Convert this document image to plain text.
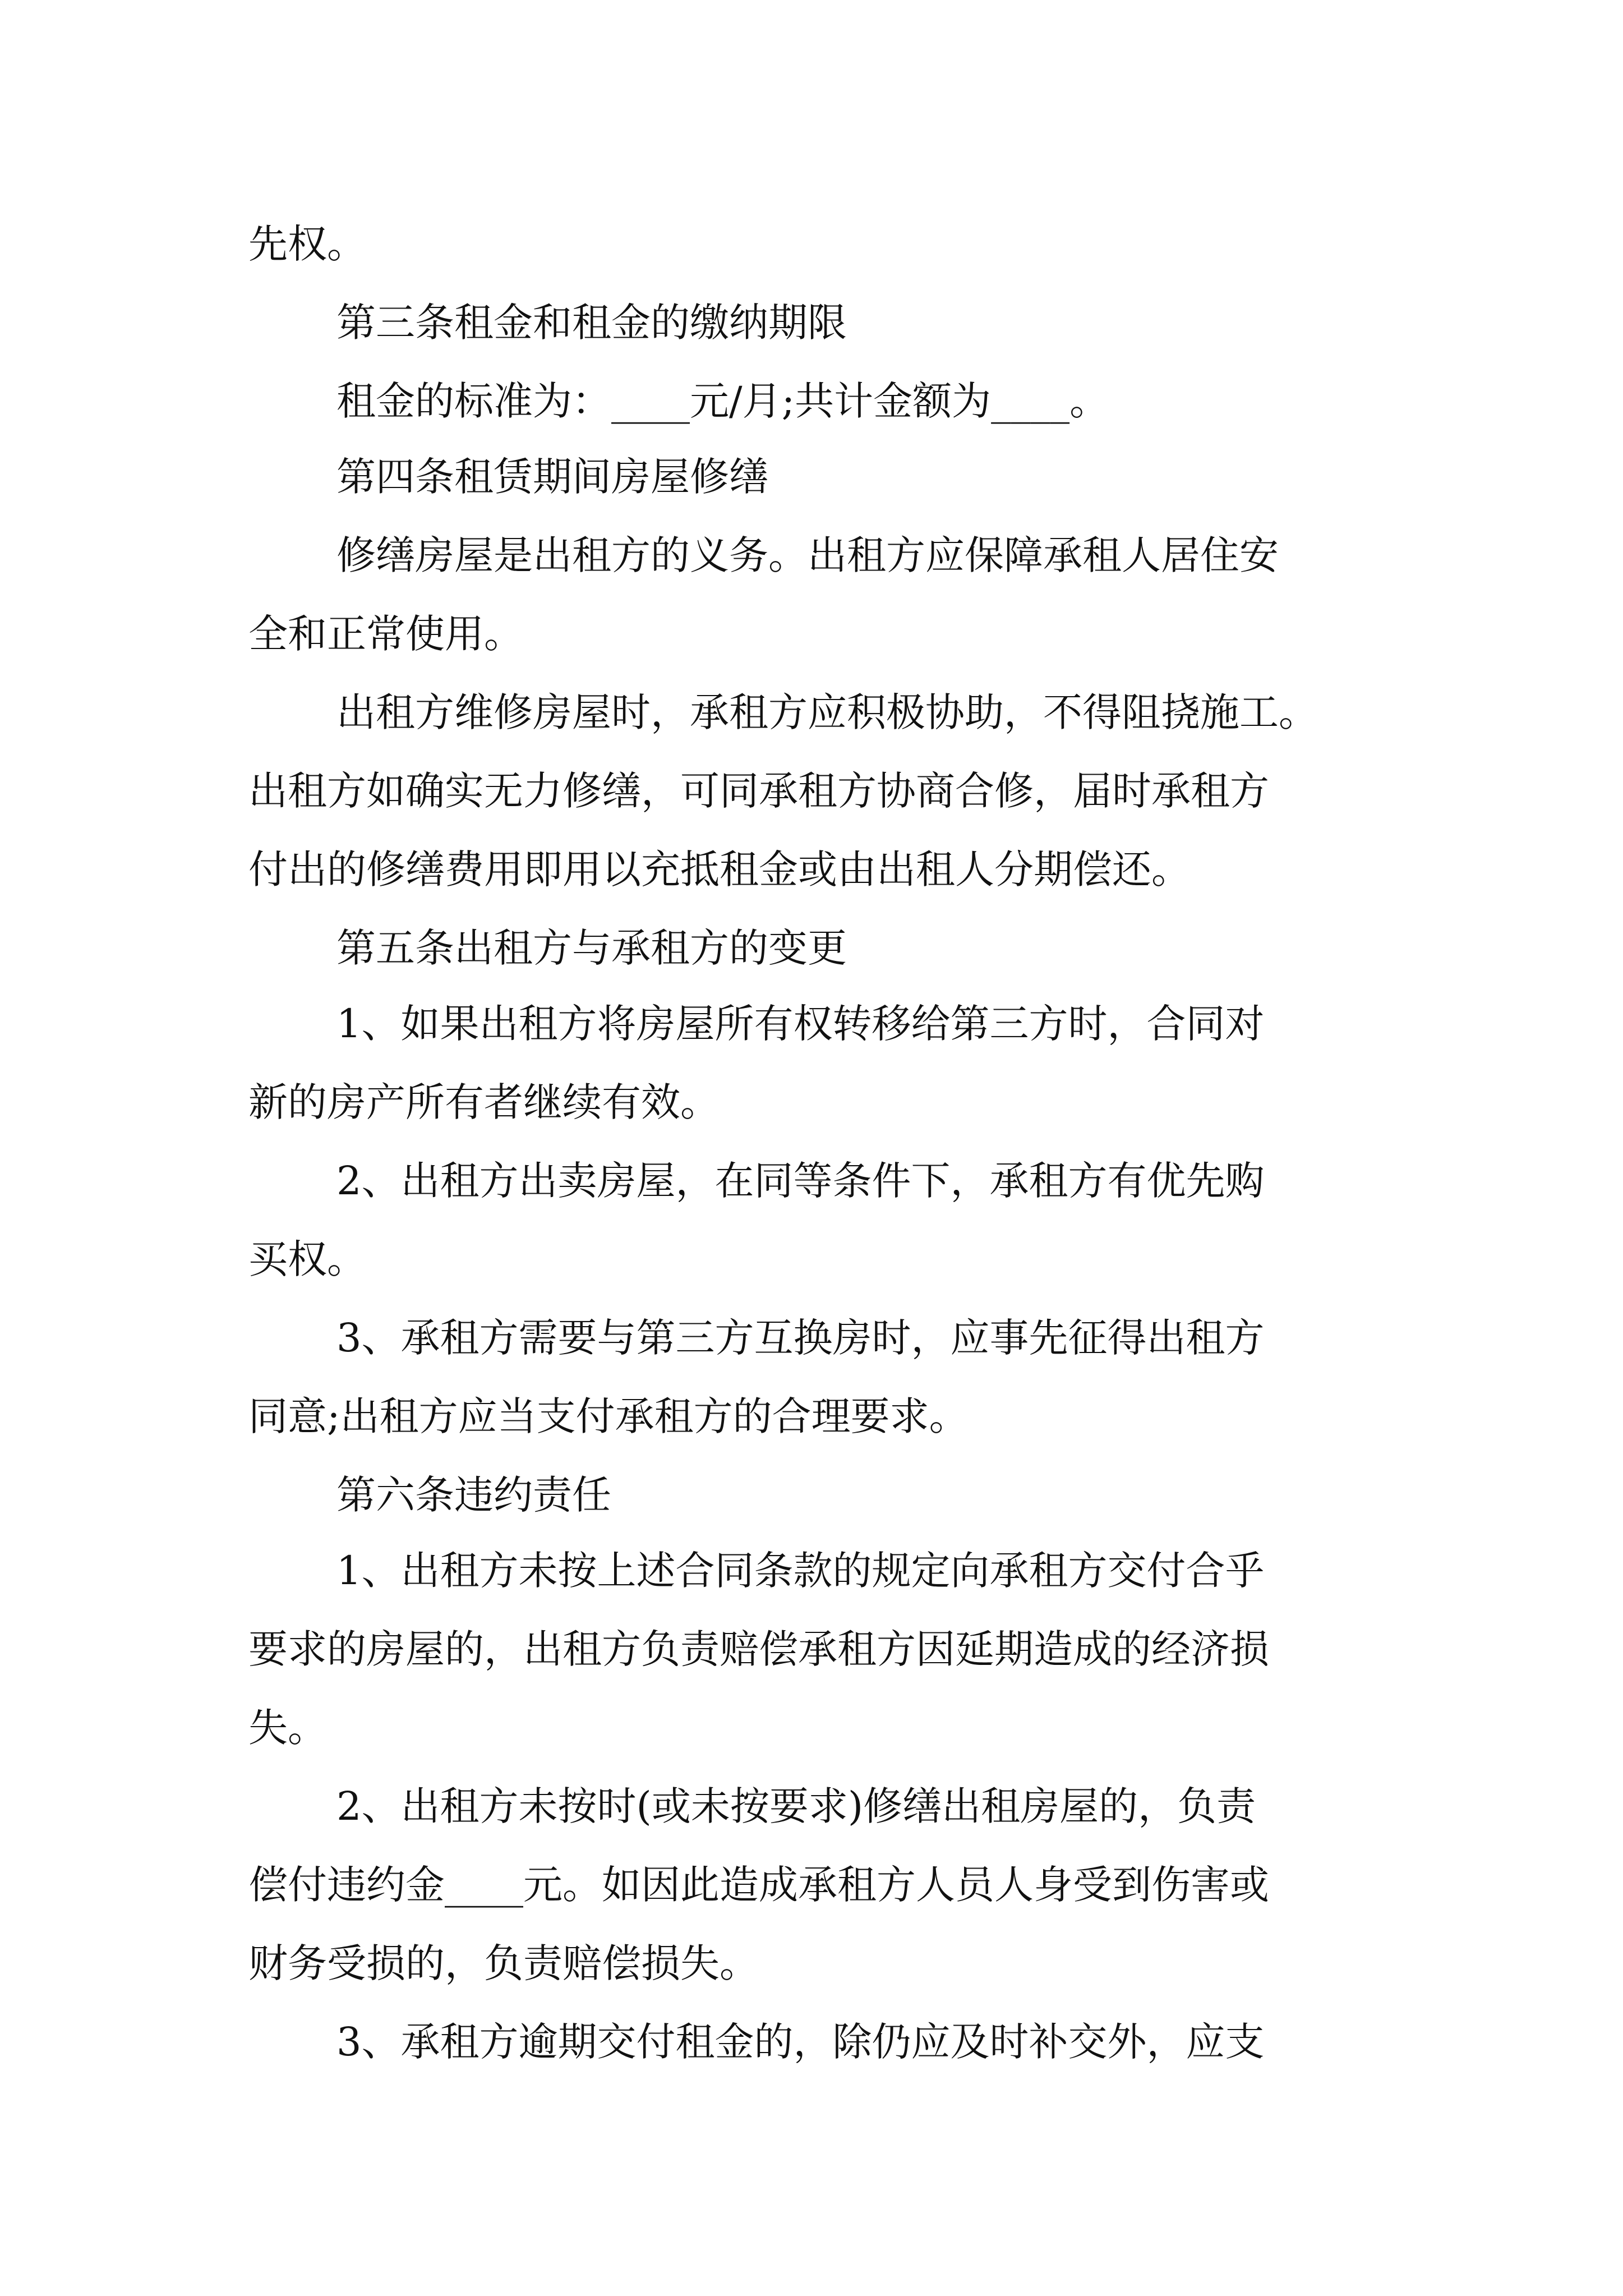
先权。
第三条租金和租金的缴纳期限
租金的标准为：____元/月;共计金额为____。
第四条租赁期间房屋修缮
修缮房屋是出租方的义务。出租方应保障承租人居住安
全和正常使用。
出租方维修房屋时，承租方应积极协助，不得阻挠施工。
出租方如确实无力修缮，可同承租方协商合修，届时承租方
付出的修缮费用即用以充抵租金或由出租人分期偿还。
第五条出租方与承租方的变更
1、如果出租方将房屋所有权转移给第三方时，合同对
新的房产所有者继续有效。
2、出租方出卖房屋，在同等条件下，承租方有优先购
买权。
3、承租方需要与第三方互换房时，应事先征得出租方
同意;出租方应当支付承租方的合理要求。
第六条违约责任
1、出租方未按上述合同条款的规定向承租方交付合乎
要求的房屋的，出租方负责赔偿承租方因延期造成的经济损
失。
2、出租方未按时(或未按要求)修缮出租房屋的，负责
偿付违约金____元。如因此造成承租方人员人身受到伤害或
财务受损的，负责赔偿损失。
3、承租方逾期交付租金的，除仍应及时补交外，应支
